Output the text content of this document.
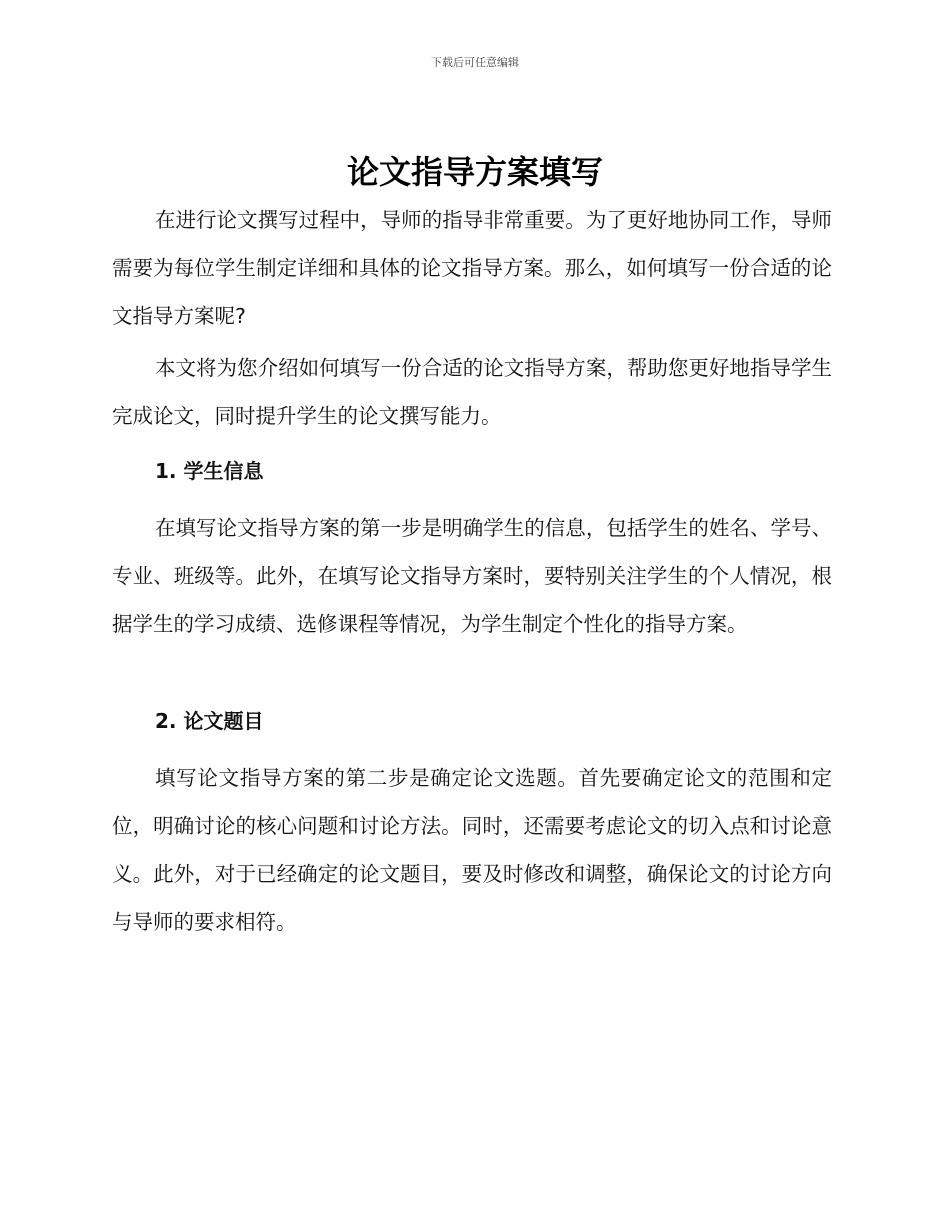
下载后可任意编辑
论文指导方案填写

在进行论文撰写过程中，导师的指导非常重要。为了更好地协同工作，导师需要为每位学生制定详细和具体的论文指导方案。那么，如何填写一份合适的论文指导方案呢?

本文将为您介绍如何填写一份合适的论文指导方案，帮助您更好地指导学生完成论文，同时提升学生的论文撰写能力。

1. 学生信息

在填写论文指导方案的第一步是明确学生的信息，包括学生的姓名、学号、专业、班级等。此外，在填写论文指导方案时，要特别关注学生的个人情况，根据学生的学习成绩、选修课程等情况，为学生制定个性化的指导方案。

2. 论文题目

填写论文指导方案的第二步是确定论文选题。首先要确定论文的范围和定位，明确讨论的核心问题和讨论方法。同时，还需要考虑论文的切入点和讨论意义。此外，对于已经确定的论文题目，要及时修改和调整，确保论文的讨论方向与导师的要求相符。
